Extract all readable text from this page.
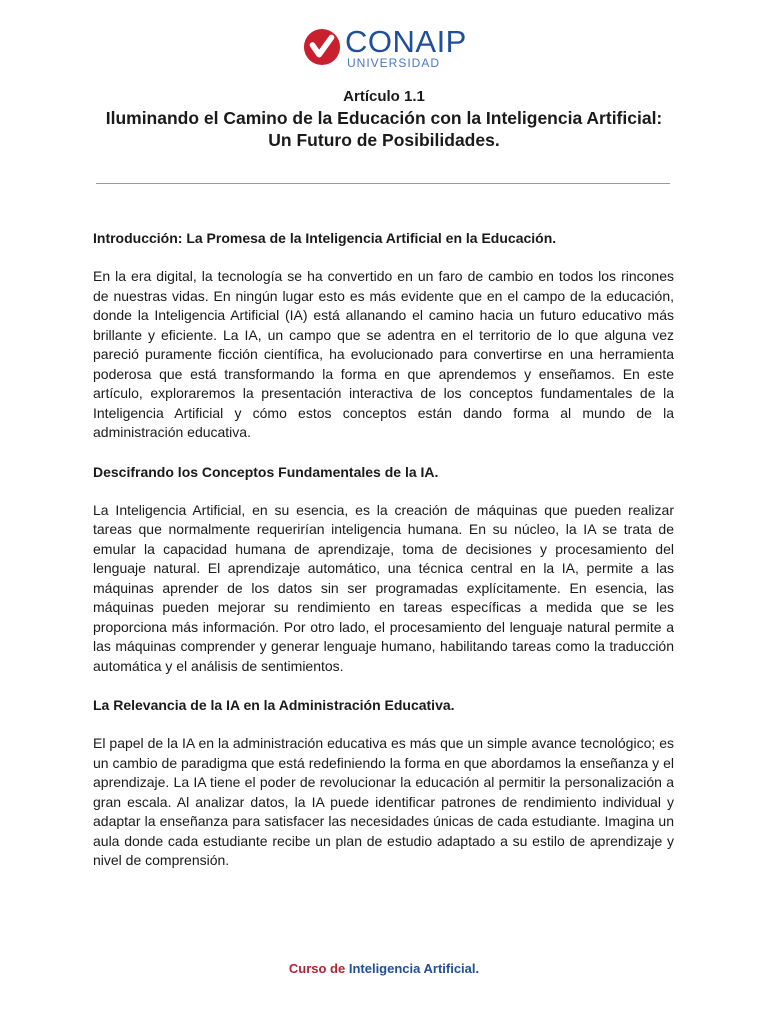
CONAIP
UNIVERSIDAD
Artículo 1.1
Iluminando el Camino de la Educación con la Inteligencia Artificial:
Un Futuro de Posibilidades.
Introducción: La Promesa de la Inteligencia Artificial en la Educación.

En la era digital, la tecnología se ha convertido en un faro de cambio en todos los rincones de nuestras vidas. En ningún lugar esto es más evidente que en el campo de la educación, donde la Inteligencia Artificial (IA) está allanando el camino hacia un futuro educativo más brillante y eficiente. La IA, un campo que se adentra en el territorio de lo que alguna vez pareció puramente ficción científica, ha evolucionado para convertirse en una herramienta poderosa que está transformando la forma en que aprendemos y enseñamos. En este artículo, exploraremos la presentación interactiva de los conceptos fundamentales de la Inteligencia Artificial y cómo estos conceptos están dando forma al mundo de la administración educativa.

Descifrando los Conceptos Fundamentales de la IA.

La Inteligencia Artificial, en su esencia, es la creación de máquinas que pueden realizar tareas que normalmente requerirían inteligencia humana. En su núcleo, la IA se trata de emular la capacidad humana de aprendizaje, toma de decisiones y procesamiento del lenguaje natural. El aprendizaje automático, una técnica central en la IA, permite a las máquinas aprender de los datos sin ser programadas explícitamente. En esencia, las máquinas pueden mejorar su rendimiento en tareas específicas a medida que se les proporciona más información. Por otro lado, el procesamiento del lenguaje natural permite a las máquinas comprender y generar lenguaje humano, habilitando tareas como la traducción automática y el análisis de sentimientos.

La Relevancia de la IA en la Administración Educativa.

El papel de la IA en la administración educativa es más que un simple avance tecnológico; es un cambio de paradigma que está redefiniendo la forma en que abordamos la enseñanza y el aprendizaje. La IA tiene el poder de revolucionar la educación al permitir la personalización a gran escala. Al analizar datos, la IA puede identificar patrones de rendimiento individual y adaptar la enseñanza para satisfacer las necesidades únicas de cada estudiante. Imagina un aula donde cada estudiante recibe un plan de estudio adaptado a su estilo de aprendizaje y nivel de comprensión.

Curso de Inteligencia Artificial.
